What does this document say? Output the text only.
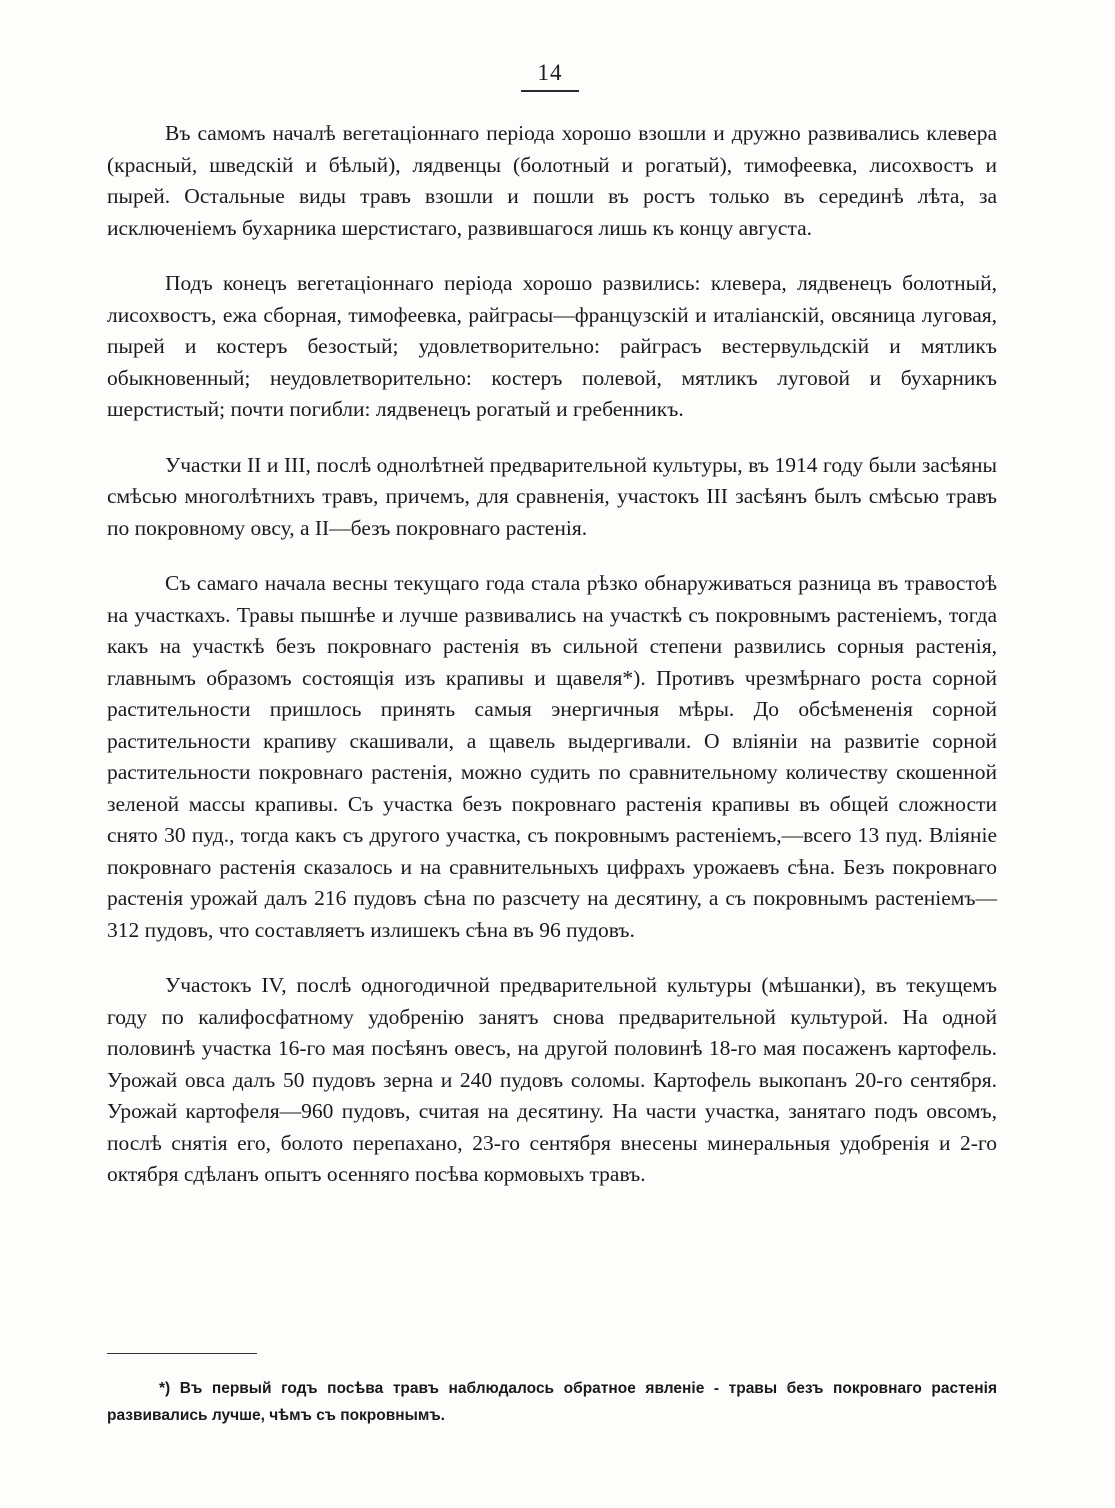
14

Въ самомъ началѣ вегетаціоннаго періода хорошо взошли и дружно развивались клевера (красный, шведскій и бѣлый), лядвенцы (болотный и рогатый), тимофеевка, лисохвостъ и пырей. Остальные виды травъ взошли и пошли въ ростъ только въ серединѣ лѣта, за исключеніемъ бухарника шерстистаго, развившагося лишь къ концу августа.

Подъ конецъ вегетаціоннаго періода хорошо развились: клевера, лядвенецъ болотный, лисохвостъ, ежа сборная, тимофеевка, райграсы—французскій и италіанскій, овсяница луговая, пырей и костеръ безостый; удовлетворительно: райграсъ вестервульдскій и мятликъ обыкновенный; неудовлетворительно: костеръ полевой, мятликъ луговой и бухарникъ шерстистый; почти погибли: лядвенецъ рогатый и гребенникъ.

Участки II и III, послѣ однолѣтней предварительной культуры, въ 1914 году были засѣяны смѣсью многолѣтнихъ травъ, причемъ, для сравненія, участокъ III засѣянъ былъ смѣсью травъ по покровному овсу, а II—безъ покровнаго растенія.

Съ самаго начала весны текущаго года стала рѣзко обнаруживаться разница въ травостоѣ на участкахъ. Травы пышнѣе и лучше развивались на участкѣ съ покровнымъ растеніемъ, тогда какъ на участкѣ безъ покровнаго растенія въ сильной степени развились сорныя растенія, главнымъ образомъ состоящія изъ крапивы и щавеля*). Противъ чрезмѣрнаго роста сорной растительности пришлось принять самыя энергичныя мѣры. До обсѣмененія сорной растительности крапиву скашивали, а щавель выдергивали. О вліяніи на развитіе сорной растительности покровнаго растенія, можно судить по сравнительному количеству скошенной зеленой массы крапивы. Съ участка безъ покровнаго растенія крапивы въ общей сложности снято 30 пуд., тогда какъ съ другого участка, съ покровнымъ растеніемъ,—всего 13 пуд. Вліяніе покровнаго растенія сказалось и на сравнительныхъ цифрахъ урожаевъ сѣна. Безъ покровнаго растенія урожай далъ 216 пудовъ сѣна по разсчету на десятину, а съ покровнымъ растеніемъ—312 пудовъ, что составляетъ излишекъ сѣна въ 96 пудовъ.

Участокъ IV, послѣ одногодичной предварительной культуры (мѣшанки), въ текущемъ году по калифосфатному удобренію занятъ снова предварительной культурой. На одной половинѣ участка 16-го мая посѣянъ овесъ, на другой половинѣ 18-го мая посаженъ картофель. Урожай овса далъ 50 пудовъ зерна и 240 пудовъ соломы. Картофель выкопанъ 20-го сентября. Урожай картофеля—960 пудовъ, считая на десятину. На части участка, занятаго подъ овсомъ, послѣ снятія его, болото перепахано, 23-го сентября внесены минеральныя удобренія и 2-го октября сдѣланъ опытъ осенняго посѣва кормовыхъ травъ.

*) Въ первый годъ посѣва травъ наблюдалось обратное явленіе - травы безъ покровнаго растенія развивались лучше, чѣмъ съ покровнымъ.
